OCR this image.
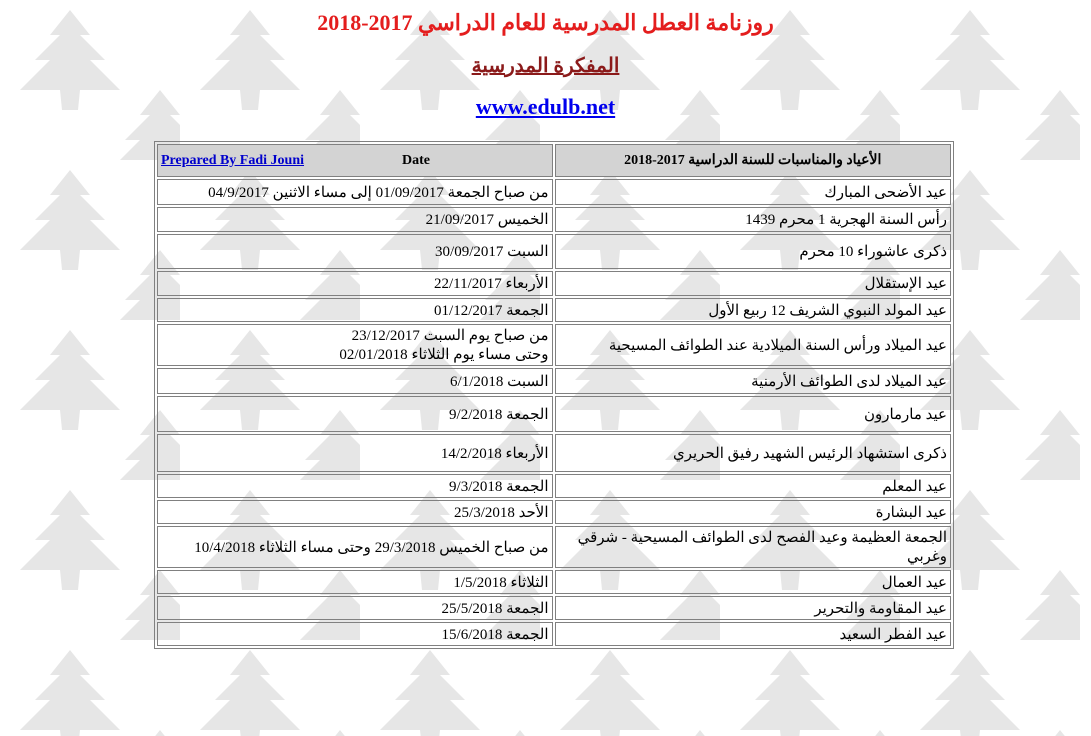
روزنامة العطل المدرسية للعام الدراسي 2017-2018
المفكرة المدرسية
www.edulb.net
الأعياد والمناسبات للسنة الدراسية 2017-2018	Prepared By Fadi Jouni Date

عيد الأضحى المبارك	من صباح الجمعة 01/09/2017 إلى مساء الاثنين 04/9/2017
رأس السنة الهجرية 1 محرم 1439	الخميس 21/09/2017
ذكرى عاشوراء 10 محرم	السبت 30/09/2017
عيد الإستقلال	الأربعاء 22/11/2017
عيد المولد النبوي الشريف 12 ربيع الأول	الجمعة 01/12/2017
عيد الميلاد ورأس السنة الميلادية عند الطوائف المسيحية	من صباح يوم السبت 23/12/2017
وحتى مساء يوم الثلاثاء 02/01/2018

عيد الميلاد لدى الطوائف الأرمنية	السبت 6/1/2018
عيد مارمارون	الجمعة 9/2/2018
ذكرى استشهاد الرئيس الشهيد رفيق الحريري	الأربعاء 14/2/2018
عيد المعلم	الجمعة 9/3/2018
عيد البشارة	الأحد 25/3/2018
الجمعة العظيمة وعيد الفصح لدى الطوائف المسيحية - شرقي وغربي	من صباح الخميس 29/3/2018 وحتى مساء الثلاثاء 10/4/2018
عيد العمال	الثلاثاء 1/5/2018
عيد المقاومة والتحرير	الجمعة 25/5/2018
عيد الفطر السعيد	الجمعة 15/6/2018
